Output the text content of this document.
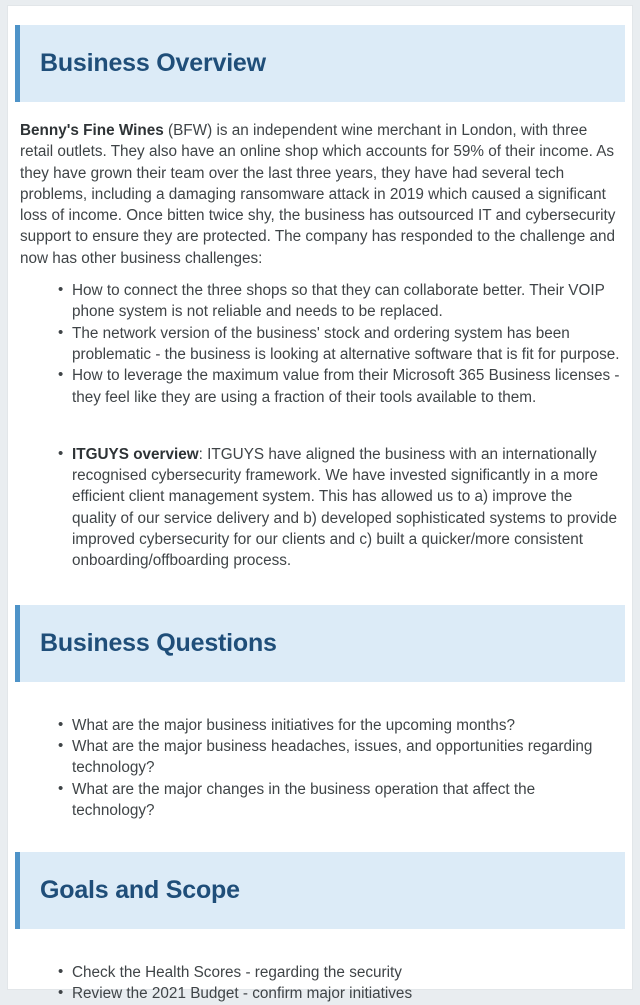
Business Overview

Benny's Fine Wines (BFW) is an independent wine merchant in London, with three retail outlets. They also have an online shop which accounts for 59% of their income. As they have grown their team over the last three years, they have had several tech problems, including a damaging ransomware attack in 2019 which caused a significant loss of income. Once bitten twice shy, the business has outsourced IT and cybersecurity support to ensure they are protected. The company has responded to the challenge and now has other business challenges:

• How to connect the three shops so that they can collaborate better. Their VOIP phone system is not reliable and needs to be replaced.
• The network version of the business' stock and ordering system has been problematic - the business is looking at alternative software that is fit for purpose.
• How to leverage the maximum value from their Microsoft 365 Business licenses - they feel like they are using a fraction of their tools available to them.
• ITGUYS overview: ITGUYS have aligned the business with an internationally recognised cybersecurity framework. We have invested significantly in a more efficient client management system. This has allowed us to a) improve the quality of our service delivery and b) developed sophisticated systems to provide improved cybersecurity for our clients and c) built a quicker/more consistent onboarding/offboarding process.
Business Questions
• What are the major business initiatives for the upcoming months?
• What are the major business headaches, issues, and opportunities regarding technology?
• What are the major changes in the business operation that affect the technology?
Goals and Scope
• Check the Health Scores - regarding the security
• Review the 2021 Budget - confirm major initiatives
